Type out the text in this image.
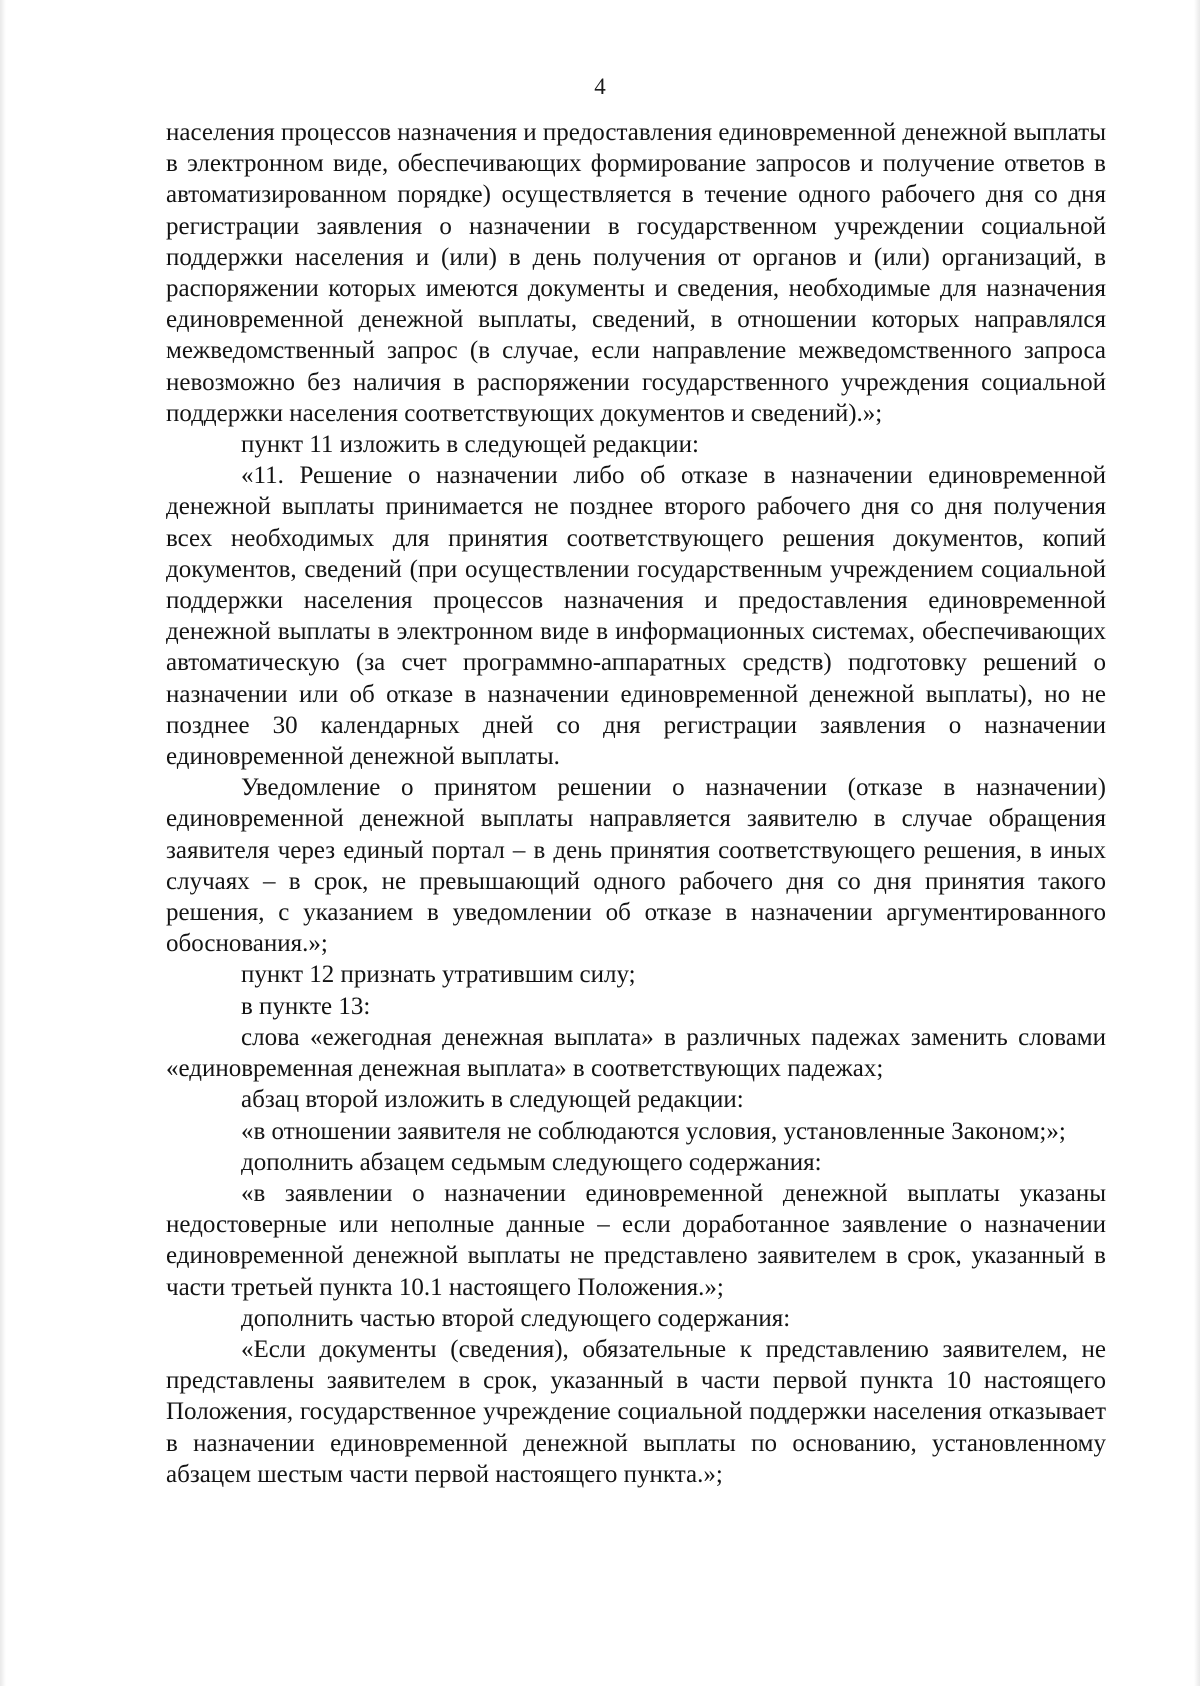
4

населения процессов назначения и предоставления единовременной денежной выплаты в электронном виде, обеспечивающих формирование запросов и получение ответов в автоматизированном порядке) осуществляется в течение одного рабочего дня со дня регистрации заявления о назначении в государственном учреждении социальной поддержки населения и (или) в день получения от органов и (или) организаций, в распоряжении которых имеются документы и сведения, необходимые для назначения единовременной денежной выплаты, сведений, в отношении которых направлялся межведомственный запрос (в случае, если направление межведомственного запроса невозможно без наличия в распоряжении государственного учреждения социальной поддержки населения соответствующих документов и сведений).»;

пункт 11 изложить в следующей редакции:

«11. Решение о назначении либо об отказе в назначении единовременной денежной выплаты принимается не позднее второго рабочего дня со дня получения всех необходимых для принятия соответствующего решения документов, копий документов, сведений (при осуществлении государственным учреждением социальной поддержки населения процессов назначения и предоставления единовременной денежной выплаты в электронном виде в информационных системах, обеспечивающих автоматическую (за счет программно-аппаратных средств) подготовку решений о назначении или об отказе в назначении единовременной денежной выплаты), но не позднее 30 календарных дней со дня регистрации заявления о назначении единовременной денежной выплаты.

Уведомление о принятом решении о назначении (отказе в назначении) единовременной денежной выплаты направляется заявителю в случае обращения заявителя через единый портал – в день принятия соответствующего решения, в иных случаях – в срок, не превышающий одного рабочего дня со дня принятия такого решения, с указанием в уведомлении об отказе в назначении аргументированного обоснования.»;

пункт 12 признать утратившим силу;

в пункте 13:

слова «ежегодная денежная выплата» в различных падежах заменить словами «единовременная денежная выплата» в соответствующих падежах;

абзац второй изложить в следующей редакции:

«в отношении заявителя не соблюдаются условия, установленные Законом;»;

дополнить абзацем седьмым следующего содержания:

«в заявлении о назначении единовременной денежной выплаты указаны недостоверные или неполные данные – если доработанное заявление о назначении единовременной денежной выплаты не представлено заявителем в срок, указанный в части третьей пункта 10.1 настоящего Положения.»;

дополнить частью второй следующего содержания:

«Если документы (сведения), обязательные к представлению заявителем, не представлены заявителем в срок, указанный в части первой пункта 10 настоящего Положения, государственное учреждение социальной поддержки населения отказывает в назначении единовременной денежной выплаты по основанию, установленному абзацем шестым части первой настоящего пункта.»;
